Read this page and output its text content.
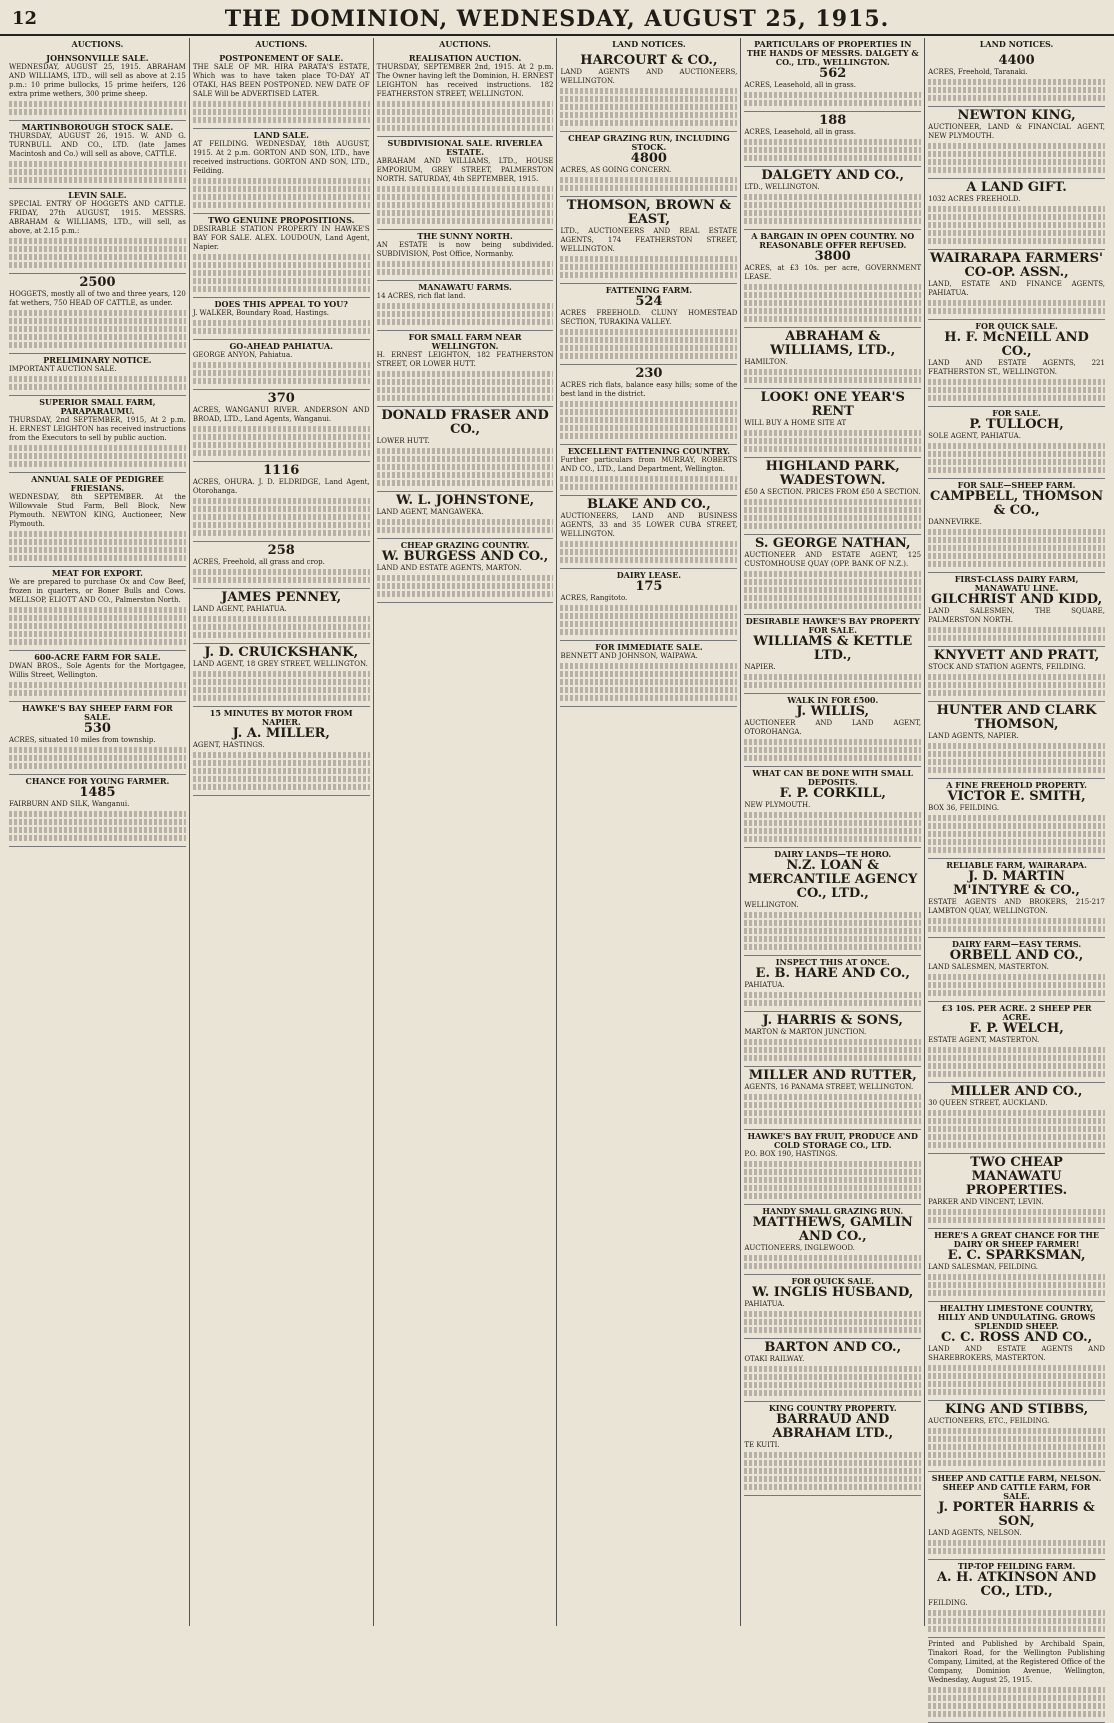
12	THE DOMINION, WEDNESDAY, AUGUST 25, 1915.
AUCTIONS.
JOHNSONVILLE SALE.
WEDNESDAY, AUGUST 25, 1915. ABRAHAM AND WILLIAMS, LTD., will sell as above at 2.15 p.m.: 10 prime bullocks, 15 prime heifers, 126 extra prime wethers, 300 prime sheep.
MARTINBOROUGH STOCK SALE.
THURSDAY, AUGUST 26, 1915. W. AND G. TURNBULL AND CO., LTD. (late James Macintosh and Co.) will sell as above, CATTLE.
LEVIN SALE.
SPECIAL ENTRY OF HOGGETS AND CATTLE. FRIDAY, 27th AUGUST, 1915. MESSRS. ABRAHAM & WILLIAMS, LTD., will sell, as above, at 2.15 p.m.:
2500
HOGGETS, mostly all of two and three years, 120 fat wethers, 750 HEAD OF CATTLE, as under.
PRELIMINARY NOTICE.
IMPORTANT AUCTION SALE.
SUPERIOR SMALL FARM, PARAPARAUMU.
THURSDAY, 2nd SEPTEMBER, 1915, At 2 p.m. H. ERNEST LEIGHTON has received instructions from the Executors to sell by public auction.
ANNUAL SALE OF PEDIGREE FRIESIANS.
WEDNESDAY, 8th SEPTEMBER. At the Willowvale Stud Farm, Bell Block, New Plymouth. NEWTON KING, Auctioneer, New Plymouth.
MEAT FOR EXPORT.
We are prepared to purchase Ox and Cow Beef, frozen in quarters, or Boner Bulls and Cows. MELLSOP, ELIOTT AND CO., Palmerston North.
600-ACRE FARM FOR SALE.
DWAN BROS., Sole Agents for the Mortgagee, Willis Street, Wellington.
HAWKE'S BAY SHEEP FARM FOR SALE.
530
ACRES, situated 10 miles from township.
CHANCE FOR YOUNG FARMER.
1485
FAIRBURN AND SILK, Wanganui.
AUCTIONS.
POSTPONEMENT OF SALE.
THE SALE OF MR. HIRA PARATA'S ESTATE, Which was to have taken place TO-DAY AT OTAKI, HAS BEEN POSTPONED. NEW DATE OF SALE Will be ADVERTISED LATER.
LAND SALE.
AT FEILDING. WEDNESDAY, 18th AUGUST, 1915. At 2 p.m. GORTON AND SON, LTD., have received instructions. GORTON AND SON, LTD., Feilding.
TWO GENUINE PROPOSITIONS.
DESIRABLE STATION PROPERTY IN HAWKE'S BAY FOR SALE. ALEX. LOUDOUN, Land Agent, Napier.
DOES THIS APPEAL TO YOU?
J. WALKER, Boundary Road, Hastings.
GO-AHEAD PAHIATUA.
GEORGE ANYON, Pahiatua.
370
ACRES, WANGANUI RIVER. ANDERSON AND BROAD, LTD., Land Agents, Wanganui.
1116
ACRES, OHURA. J. D. ELDRIDGE, Land Agent, Otorohanga.
258
ACRES, Freehold, all grass and crop.
JAMES PENNEY,
LAND AGENT, PAHIATUA.
J. D. CRUICKSHANK,
LAND AGENT, 18 GREY STREET, WELLINGTON.
15 MINUTES BY MOTOR FROM NAPIER.
J. A. MILLER,
AGENT, HASTINGS.
AUCTIONS.
REALISATION AUCTION.
THURSDAY, SEPTEMBER 2nd, 1915. At 2 p.m. The Owner having left the Dominion, H. ERNEST LEIGHTON has received instructions. 182 FEATHERSTON STREET, WELLINGTON.
SUBDIVISIONAL SALE. RIVERLEA ESTATE.
ABRAHAM AND WILLIAMS, LTD., HOUSE EMPORIUM, GREY STREET, PALMERSTON NORTH. SATURDAY, 4th SEPTEMBER, 1915.
THE SUNNY NORTH.
AN ESTATE is now being subdivided. SUBDIVISION, Post Office, Normanby.
MANAWATU FARMS.
14 ACRES, rich flat land.
FOR SMALL FARM NEAR WELLINGTON.
H. ERNEST LEIGHTON, 182 FEATHERSTON STREET, OR LOWER HUTT.
DONALD FRASER AND CO.,
LOWER HUTT.
W. L. JOHNSTONE,
LAND AGENT, MANGAWEKA.
CHEAP GRAZING COUNTRY.
W. BURGESS AND CO.,
LAND AND ESTATE AGENTS, MARTON.
LAND NOTICES.
HARCOURT & CO.,
LAND AGENTS AND AUCTIONEERS, WELLINGTON.
CHEAP GRAZING RUN, INCLUDING STOCK.
4800
ACRES, AS GOING CONCERN.
THOMSON, BROWN & EAST,
LTD., AUCTIONEERS AND REAL ESTATE AGENTS, 174 FEATHERSTON STREET, WELLINGTON.
FATTENING FARM.
524
ACRES FREEHOLD. CLUNY HOMESTEAD SECTION, TURAKINA VALLEY.
230
ACRES rich flats, balance easy hills; some of the best land in the district.
EXCELLENT FATTENING COUNTRY.
Further particulars from MURRAY, ROBERTS AND CO., LTD., Land Department, Wellington.
BLAKE AND CO.,
AUCTIONEERS, LAND AND BUSINESS AGENTS, 33 and 35 LOWER CUBA STREET, WELLINGTON.
DAIRY LEASE.
175
ACRES, Rangitoto.
FOR IMMEDIATE SALE.
BENNETT AND JOHNSON, WAIPAWA.
PARTICULARS OF PROPERTIES IN THE HANDS OF MESSRS. DALGETY & CO., LTD., WELLINGTON.
562
ACRES, Leasehold, all in grass.
188
ACRES, Leasehold, all in grass.
DALGETY AND CO.,
LTD., WELLINGTON.
A BARGAIN IN OPEN COUNTRY. NO REASONABLE OFFER REFUSED.
3800
ACRES, at £3 10s. per acre, GOVERNMENT LEASE.
ABRAHAM & WILLIAMS, LTD.,
HAMILTON.
LOOK! ONE YEAR'S RENT
WILL BUY A HOME SITE AT
HIGHLAND PARK, WADESTOWN.
£50 A SECTION. PRICES FROM £50 A SECTION.
S. GEORGE NATHAN,
AUCTIONEER AND ESTATE AGENT, 125 CUSTOMHOUSE QUAY (OPP. BANK OF N.Z.).
DESIRABLE HAWKE'S BAY PROPERTY FOR SALE.
WILLIAMS & KETTLE LTD.,
NAPIER.
WALK IN FOR £500.
J. WILLIS,
AUCTIONEER AND LAND AGENT, OTOROHANGA.
WHAT CAN BE DONE WITH SMALL DEPOSITS.
F. P. CORKILL,
NEW PLYMOUTH.
DAIRY LANDS—TE HORO.
N.Z. LOAN & MERCANTILE AGENCY CO., LTD.,
WELLINGTON.
INSPECT THIS AT ONCE.
E. B. HARE AND CO.,
PAHIATUA.
J. HARRIS & SONS,
MARTON & MARTON JUNCTION.
MILLER AND RUTTER,
AGENTS, 16 PANAMA STREET, WELLINGTON.
HAWKE'S BAY FRUIT, PRODUCE AND COLD STORAGE CO., LTD.
P.O. BOX 190, HASTINGS.
HANDY SMALL GRAZING RUN.
MATTHEWS, GAMLIN AND CO.,
AUCTIONEERS, INGLEWOOD.
FOR QUICK SALE.
W. INGLIS HUSBAND,
PAHIATUA.
BARTON AND CO.,
OTAKI RAILWAY.
KING COUNTRY PROPERTY.
BARRAUD AND ABRAHAM LTD.,
TE KUITI.
LAND NOTICES.
4400
ACRES, Freehold, Taranaki.
NEWTON KING,
AUCTIONEER, LAND & FINANCIAL AGENT, NEW PLYMOUTH.
A LAND GIFT.
1032 ACRES FREEHOLD.
WAIRARAPA FARMERS' CO-OP. ASSN.,
LAND, ESTATE AND FINANCE AGENTS, PAHIATUA.
FOR QUICK SALE.
H. F. McNEILL AND CO.,
LAND AND ESTATE AGENTS, 221 FEATHERSTON ST., WELLINGTON.
FOR SALE.
P. TULLOCH,
SOLE AGENT, PAHIATUA.
FOR SALE—SHEEP FARM.
CAMPBELL, THOMSON & CO.,
DANNEVIRKE.
FIRST-CLASS DAIRY FARM, MANAWATU LINE.
GILCHRIST AND KIDD,
LAND SALESMEN, THE SQUARE, PALMERSTON NORTH.
KNYVETT AND PRATT,
STOCK AND STATION AGENTS, FEILDING.
HUNTER AND CLARK THOMSON,
LAND AGENTS, NAPIER.
A FINE FREEHOLD PROPERTY.
VICTOR E. SMITH,
BOX 36, FEILDING.
RELIABLE FARM, WAIRARAPA.
J. D. MARTIN M'INTYRE & CO.,
ESTATE AGENTS AND BROKERS, 215-217 LAMBTON QUAY, WELLINGTON.
DAIRY FARM—EASY TERMS.
ORBELL AND CO.,
LAND SALESMEN, MASTERTON.
£3 10S. PER ACRE. 2 SHEEP PER ACRE.
F. P. WELCH,
ESTATE AGENT, MASTERTON.
MILLER AND CO.,
30 QUEEN STREET, AUCKLAND.
TWO CHEAP MANAWATU PROPERTIES.
PARKER AND VINCENT, LEVIN.
HERE'S A GREAT CHANCE FOR THE DAIRY OR SHEEP FARMER!
E. C. SPARKSMAN,
LAND SALESMAN, FEILDING.
HEALTHY LIMESTONE COUNTRY, HILLY AND UNDULATING. GROWS SPLENDID SHEEP.
C. C. ROSS AND CO.,
LAND AND ESTATE AGENTS AND SHAREBROKERS, MASTERTON.
KING AND STIBBS,
AUCTIONEERS, ETC., FEILDING.
SHEEP AND CATTLE FARM, NELSON. SHEEP AND CATTLE FARM, FOR SALE.
J. PORTER HARRIS & SON,
LAND AGENTS, NELSON.
TIP-TOP FEILDING FARM.
A. H. ATKINSON AND CO., LTD.,
FEILDING.
Printed and Published by Archibald Spain, Tinakori Road, for the Wellington Publishing Company, Limited, at the Registered Office of the Company, Dominion Avenue, Wellington, Wednesday, August 25, 1915.
